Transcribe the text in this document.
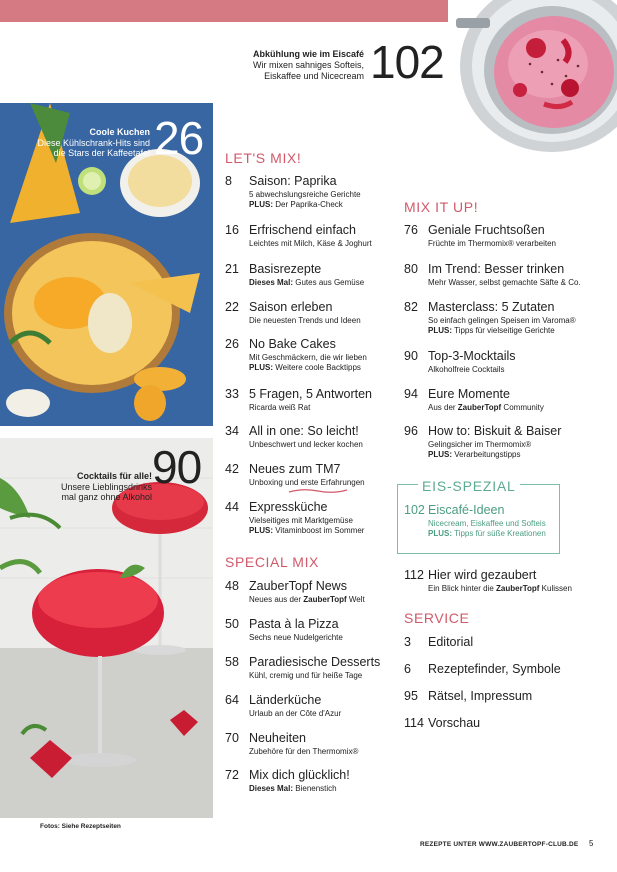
Abkühlung wie im Eiscafé
Wir mixen sahniges Softeis,
Eiskaffee und Nicecream 102
Coole Kuchen
Diese Kühlschrank-Hits sind
die Stars der Kaffeetafel 26
Cocktails für alle!
Unsere Lieblingsdrinks
mal ganz ohne Alkohol
90
Fotos: Siehe Rezeptseiten
LET'S MIX!
8 Saison: Paprika
5 abwechslungsreiche Gerichte
PLUS: Der Paprika-Check
16 Erfrischend einfach
Leichtes mit Milch, Käse & Joghurt
21 Basisrezepte
Dieses Mal: Gutes aus Gemüse
22 Saison erleben
Die neuesten Trends und Ideen
26 No Bake Cakes
Mit Geschmäckern, die wir lieben
PLUS: Weitere coole Backtipps
33 5 Fragen, 5 Antworten
Ricarda weiß Rat
34 All in one: So leicht!
Unbeschwert und lecker kochen
42 Neues zum TM7
Unboxing und erste Erfahrungen
44 Expressküche
Vielseitiges mit Marktgemüse
PLUS: Vitaminboost im Sommer
SPECIAL MIX
48 ZauberTopf News
Neues aus der ZauberTopf Welt
50 Pasta à la Pizza
Sechs neue Nudelgerichte
58 Paradiesische Desserts
Kühl, cremig und für heiße Tage
64 Länderküche
Urlaub an der Côte d'Azur
70 Neuheiten
Zubehöre für den Thermomix®
72 Mix dich glücklich!
Dieses Mal: Bienenstich
MIX IT UP!
76 Geniale Fruchtsoßen
Früchte im Thermomix® verarbeiten
80 Im Trend: Besser trinken
Mehr Wasser, selbst gemachte Säfte & Co.
82 Masterclass: 5 Zutaten
So einfach gelingen Speisen im Varoma®
PLUS: Tipps für vielseitige Gerichte
90 Top-3-Mocktails
Alkoholfreie Cocktails
94 Eure Momente
Aus der ZauberTopf Community
96 How to: Biskuit & Baiser
Gelingsicher im Thermomix®
PLUS: Verarbeitungstipps
EIS-SPEZIAL
102 Eiscafé-Ideen
Nicecream, Eiskaffee und Softeis
PLUS: Tipps für süße Kreationen
112 Hier wird gezaubert
Ein Blick hinter die ZauberTopf Kulissen
SERVICE
3 Editorial
6 Rezeptefinder, Symbole
95 Rätsel, Impressum
114 Vorschau
REZEPTE UNTER WWW.ZAUBERTOPF-CLUB.DE 5
